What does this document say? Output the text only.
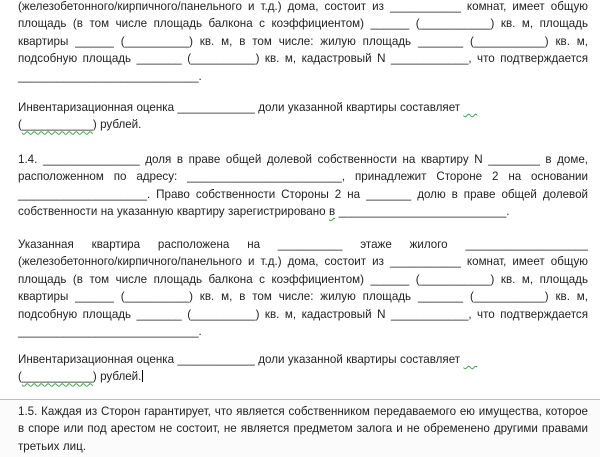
(железобетонного/кирпичного/панельного и т.д.) дома, состоит из ___________ комнат, имеет общую площадь (в том числе площадь балкона с коэффициентом) ______ (___________) кв. м, площадь квартиры ______ (__________) кв. м, в том числе: жилую площадь _______ (___________) кв. м, подсобную площадь _______ (__________) кв. м, кадастровый N ____________, что подтверждается ____________________________.
Инвентаризационная оценка ____________ доли указанной квартиры составляет
(___________) рублей.
1.4. _______________ доля в праве общей долевой собственности на квартиру N ________ в доме, расположенном по адресу: ________________________, принадлежит Стороне 2 на основании ____________________. Право собственности Стороны 2 на _______ долю в праве общей долевой собственности на указанную квартиру зарегистрировано в __________________________.
Указанная квартира расположена на __________ этаже жилого ___________________ (железобетонного/кирпичного/панельного и т.д.) дома, состоит из ___________ комнат, имеет общую площадь (в том числе площадь балкона с коэффициентом) ______ (___________) кв. м, площадь квартиры ______ (__________) кв. м, в том числе: жилую площадь _______ (___________) кв. м, подсобную площадь _______ (__________) кв. м, кадастровый N ____________, что подтверждается ____________________________.
Инвентаризационная оценка ____________ доли указанной квартиры составляет
(___________) рублей.
1.5. Каждая из Сторон гарантирует, что является собственником передаваемого ею имущества, которое в споре или под арестом не состоит, не является предметом залога и не обременено другими правами третьих лиц.
